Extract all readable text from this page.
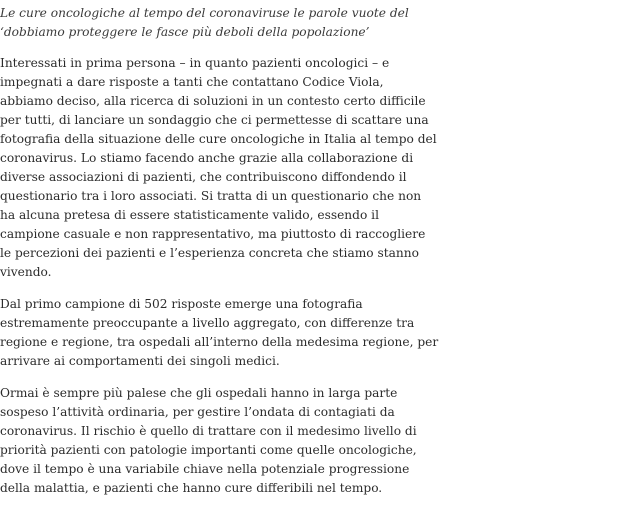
Le cure oncologiche al tempo del coronaviruse le parole vuote del ‘dobbiamo proteggere le fasce più deboli della popolazione’

Interessati in prima persona – in quanto pazienti oncologici – e impegnati a dare risposte a tanti che contattano Codice Viola, abbiamo deciso, alla ricerca di soluzioni in un contesto certo difficile per tutti, di lanciare un sondaggio che ci permettesse di scattare una fotografia della situazione delle cure oncologiche in Italia al tempo del coronavirus. Lo stiamo facendo anche grazie alla collaborazione di diverse associazioni di pazienti, che contribuiscono diffondendo il questionario tra i loro associati. Si tratta di un questionario che non ha alcuna pretesa di essere statisticamente valido, essendo il campione casuale e non rappresentativo, ma piuttosto di raccogliere le percezioni dei pazienti e l’esperienza concreta che stiamo stanno vivendo.

Dal primo campione di 502 risposte emerge una fotografia estremamente preoccupante a livello aggregato, con differenze tra regione e regione, tra ospedali all’interno della medesima regione, per arrivare ai comportamenti dei singoli medici.

Ormai è sempre più palese che gli ospedali hanno in larga parte sospeso l’attività ordinaria, per gestire l’ondata di contagiati da coronavirus. Il rischio è quello di trattare con il medesimo livello di priorità pazienti con patologie importanti come quelle oncologiche, dove il tempo è una variabile chiave nella potenziale progressione della malattia, e pazienti che hanno cure differibili nel tempo.
